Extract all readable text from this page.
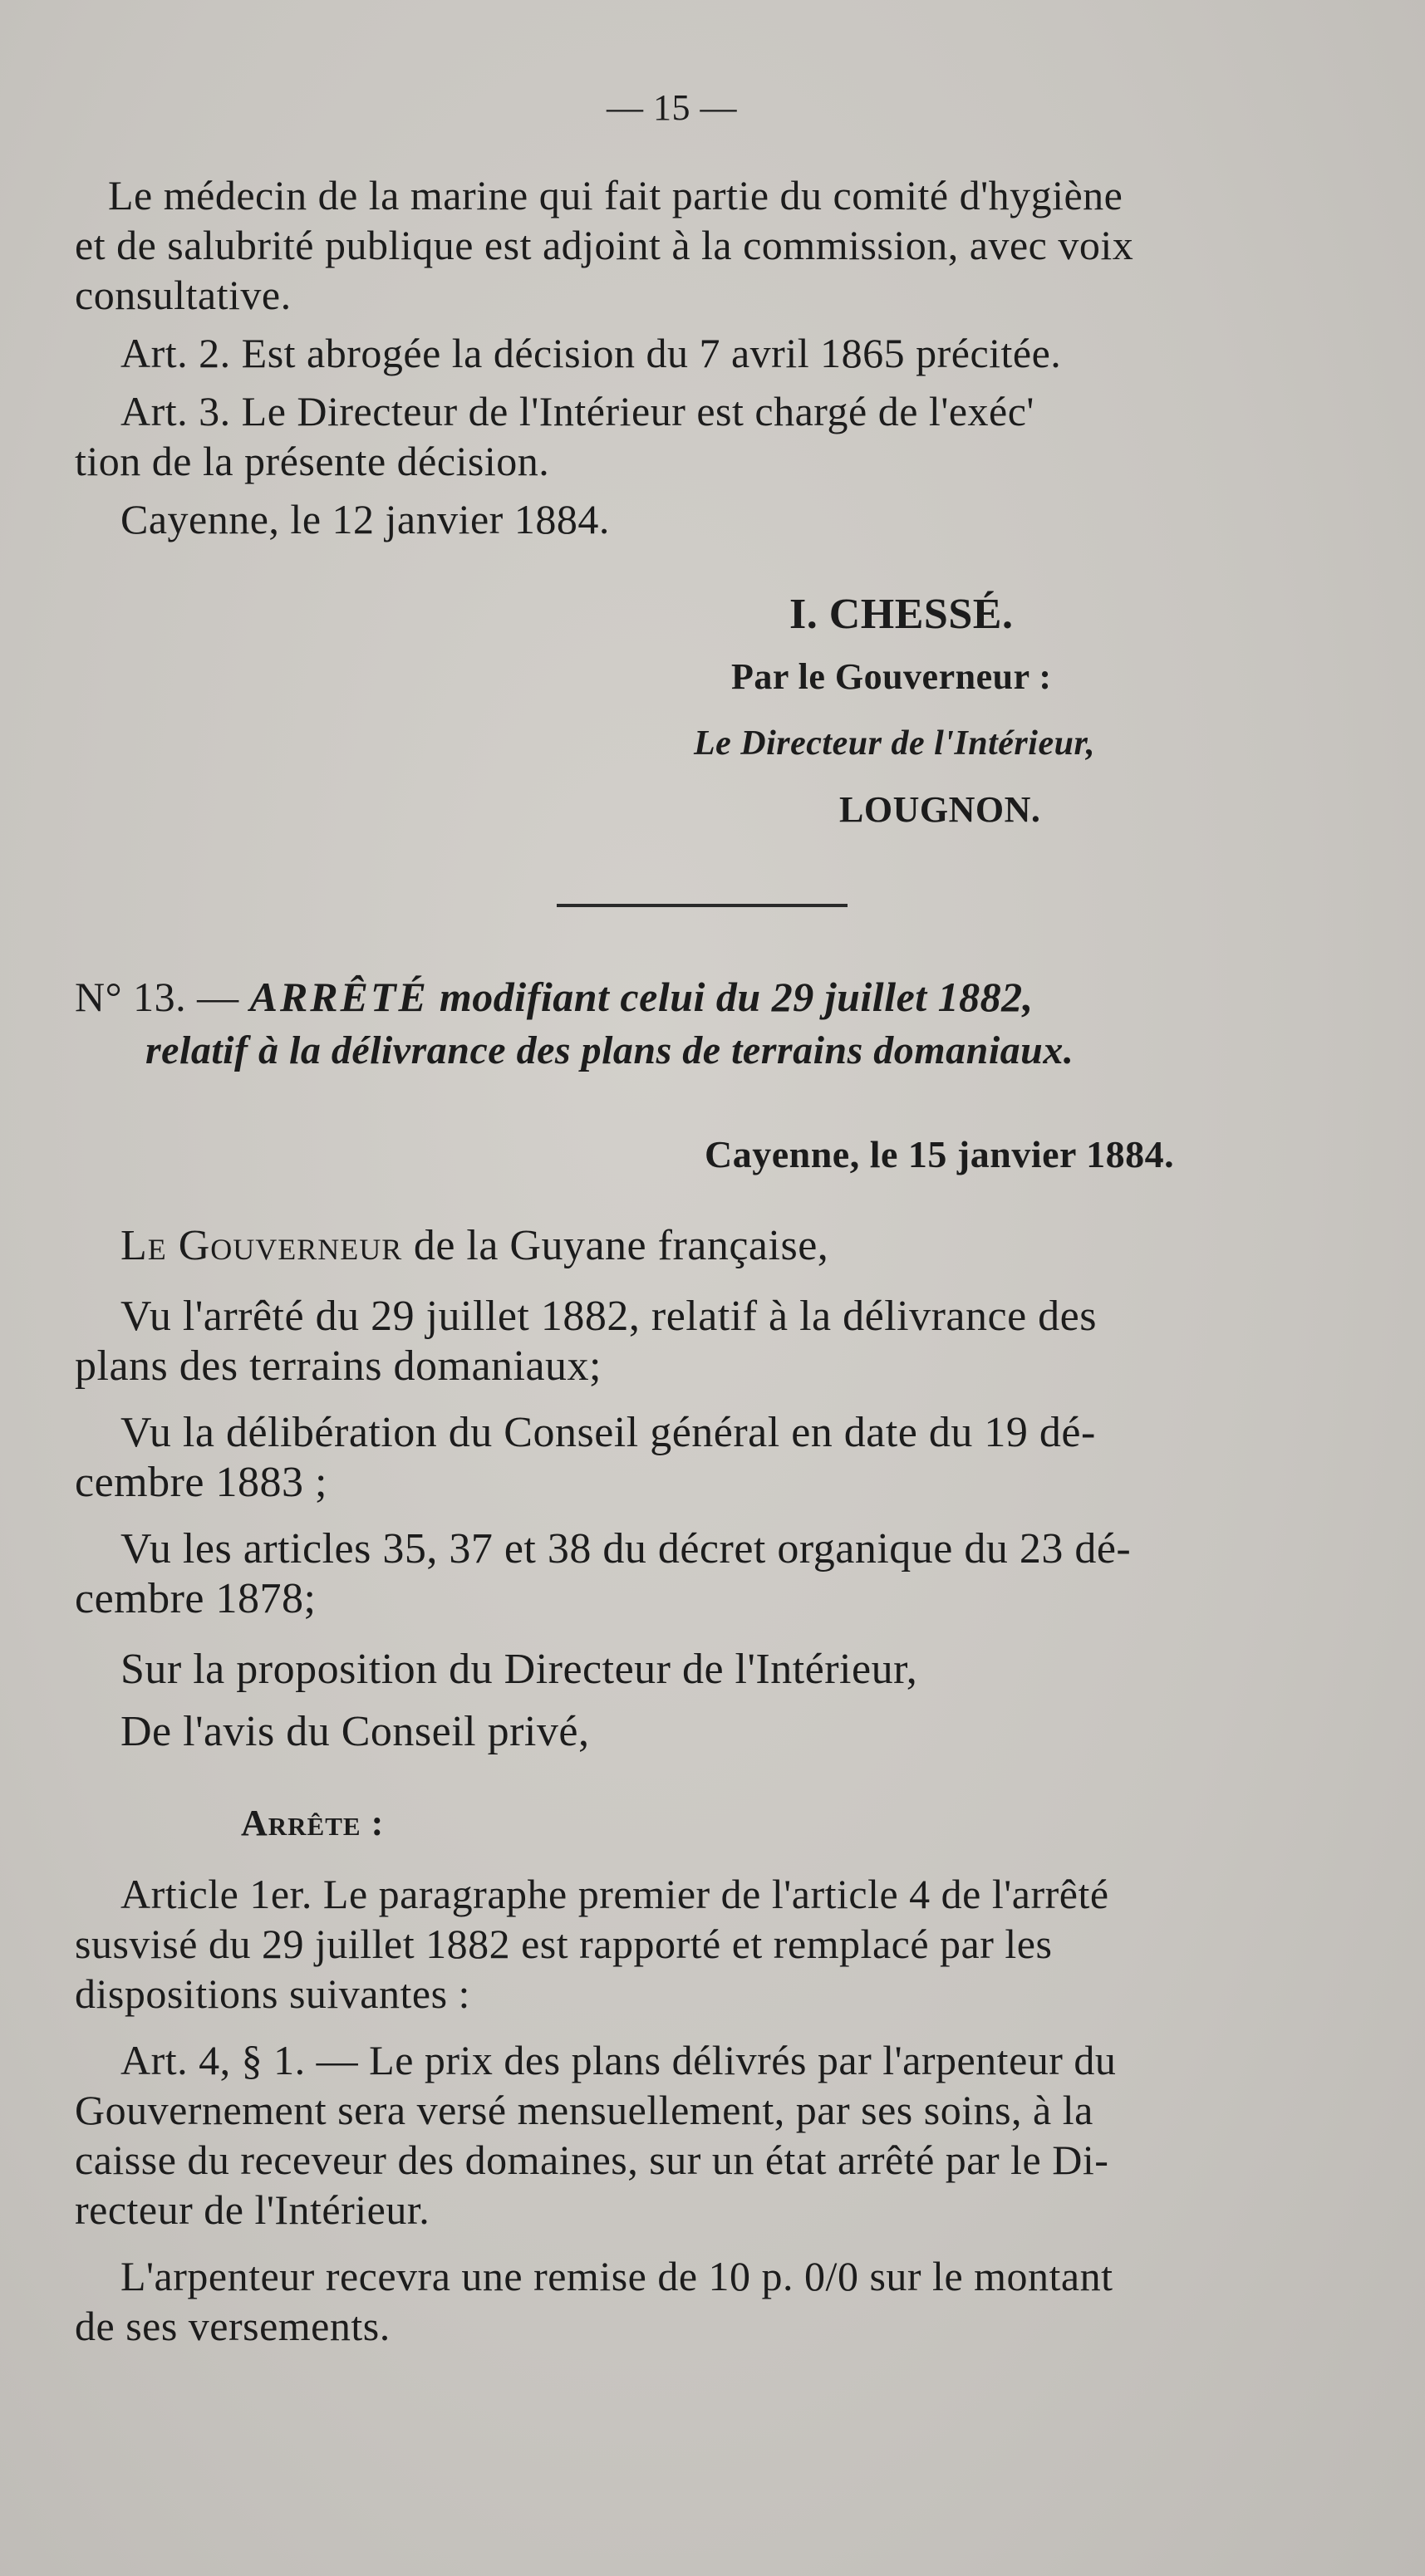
— 15 —
Le médecin de la marine qui fait partie du comité d'hygiène
et de salubrité publique est adjoint à la commission, avec voix
consultative.
Art. 2. Est abrogée la décision du 7 avril 1865 précitée.
Art. 3. Le Directeur de l'Intérieur est chargé de l'exéc'
tion de la présente décision.
Cayenne, le 12 janvier 1884.
I. CHESSÉ.
Par le Gouverneur :
Le Directeur de l'Intérieur,
LOUGNON.
N° 13. — ARRÊTÉ modifiant celui du 29 juillet 1882,
relatif à la délivrance des plans de terrains domaniaux.
Cayenne, le 15 janvier 1884.
Le Gouverneur de la Guyane française,
Vu l'arrêté du 29 juillet 1882, relatif à la délivrance des
plans des terrains domaniaux;
Vu la délibération du Conseil général en date du 19 dé-
cembre 1883 ;
Vu les articles 35, 37 et 38 du décret organique du 23 dé-
cembre 1878;
Sur la proposition du Directeur de l'Intérieur,
De l'avis du Conseil privé,
Arrête :
Article 1er. Le paragraphe premier de l'article 4 de l'arrêté
susvisé du 29 juillet 1882 est rapporté et remplacé par les
dispositions suivantes :
Art. 4, § 1. — Le prix des plans délivrés par l'arpenteur du
Gouvernement sera versé mensuellement, par ses soins, à la
caisse du receveur des domaines, sur un état arrêté par le Di-
recteur de l'Intérieur.
L'arpenteur recevra une remise de 10 p. 0/0 sur le montant
de ses versements.
